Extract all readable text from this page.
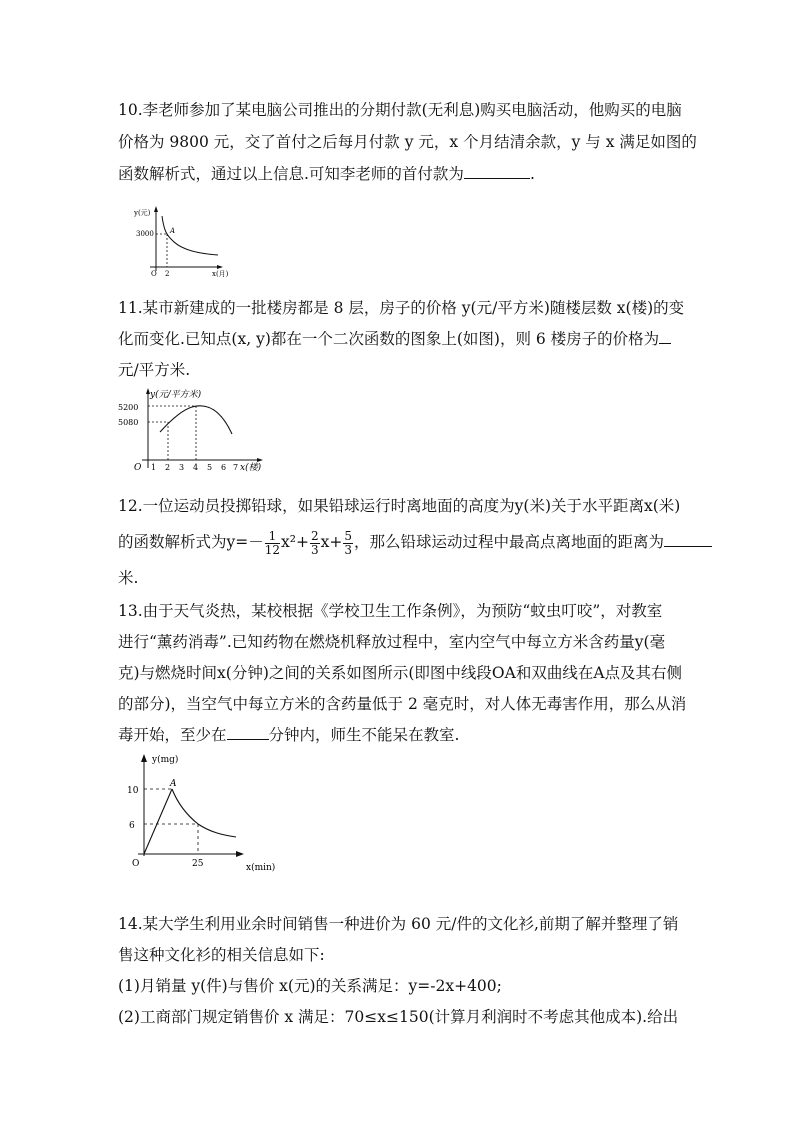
10.李老师参加了某电脑公司推出的分期付款(无利息)购买电脑活动，他购买的电脑
价格为 9800 元，交了首付之后每月付款 y 元，x 个月结清余款，y 与 x 满足如图的
函数解析式，通过以上信息.可知李老师的首付款为	.
y(元)
3000 A
O 2	x(月)
11.某市新建成的一批楼房都是 8 层，房子的价格 y(元/平方米)随楼层数 x(楼)的变
化而变化.已知点(x, y)都在一个二次函数的图象上(如图)，则 6 楼房子的价格为
元/平方米.
y(元/平方米)
5200
5080
O 1 2 3 4 5 6 7 x(楼)
12.一位运动员投掷铅球，如果铅球运行时离地面的高度为y(米)关于水平距离x(米)
的函数解析式为$y=- \frac{1}{12} x^2+ \frac{2}{3} x+ \frac{5}{3}$ ，那么铅球运动过程中最高点离地面的距离为
米.
13.由于天气炎热，某校根据《学校卫生工作条例》，为预防“蚊虫叮咬”，对教室
进行“薰药消毒”.已知药物在燃烧机释放过程中，室内空气中每立方米含药量y(毫
克)与燃烧时间x(分钟)之间的关系如图所示(即图中线段OA和双曲线在A点及其右侧
的部分)，当空气中每立方米的含药量低于 2 毫克时，对人体无毒害作用，那么从消
毒开始，至少在	分钟内，师生不能呆在教室.
y(mg)
A
10
6
O	25	x(min)
14.某大学生利用业余时间销售一种进价为 60 元/件的文化衫,前期了解并整理了销
售这种文化衫的相关信息如下:
(1)月销量 y(件)与售价 x(元)的关系满足：y=-2x+400;
(2)工商部门规定销售价 x 满足：70≤x≤150(计算月利润时不考虑其他成本).给出
